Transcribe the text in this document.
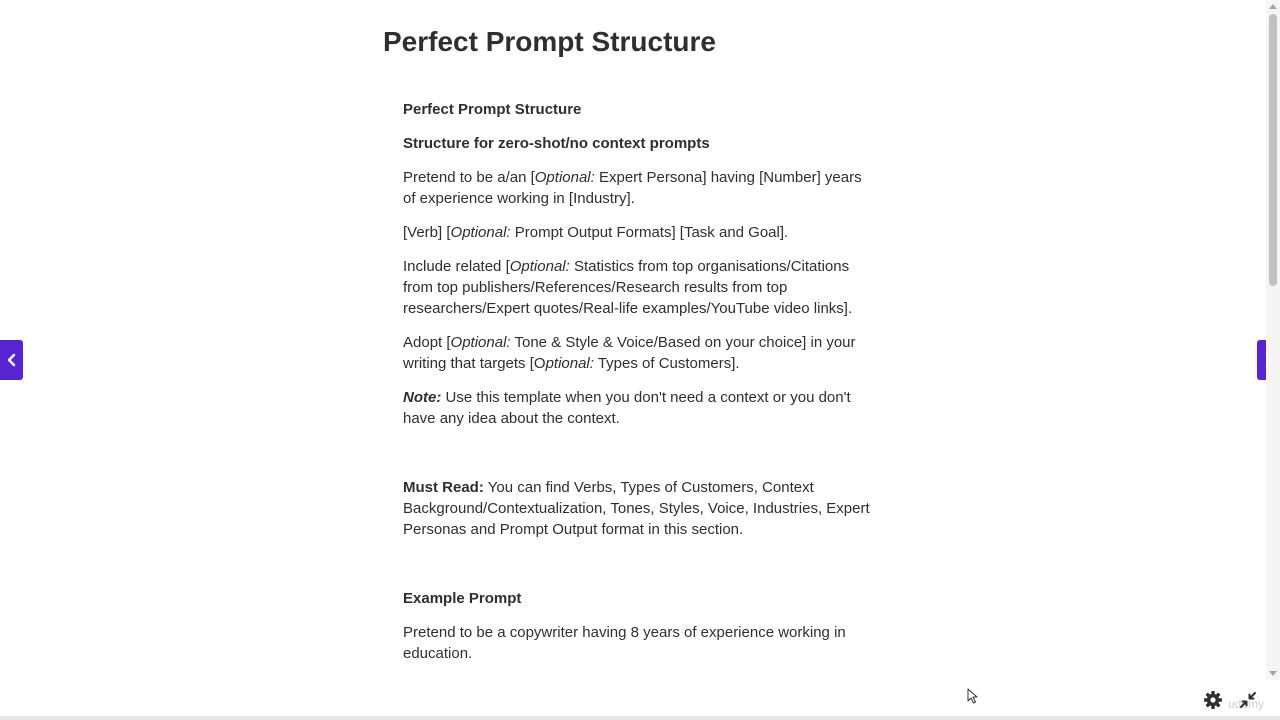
Perfect Prompt Structure
Perfect Prompt Structure
Structure for zero-shot/no context prompts

Pretend to be a/an [Optional: Expert Persona] having [Number] years of experience working in [Industry].

[Verb] [Optional: Prompt Output Formats] [Task and Goal].

Include related [Optional: Statistics from top organisations/Citations from top publishers/References/Research results from top researchers/Expert quotes/Real-life examples/YouTube video links].

Adopt [Optional: Tone & Style & Voice/Based on your choice] in your writing that targets [Optional: Types of Customers].

Note: Use this template when you don't need a context or you don't have any idea about the context.

Must Read: You can find Verbs, Types of Customers, Context Background/Contextualization, Tones, Styles, Voice, Industries, Expert Personas and Prompt Output format in this section.

Example Prompt

Pretend to be a copywriter having 8 years of experience working in education.

udemy
